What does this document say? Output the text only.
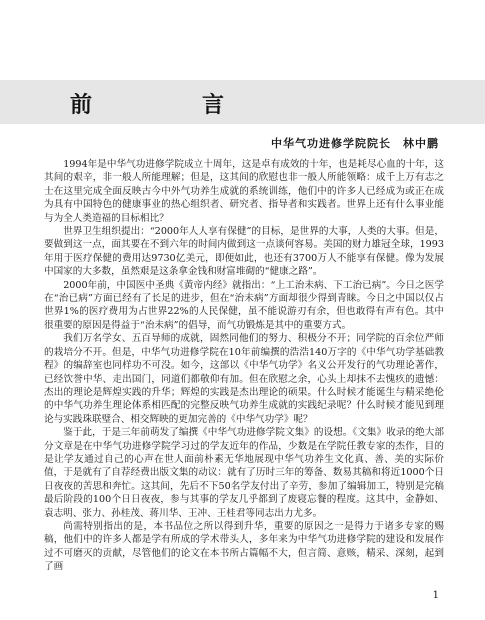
前　言
中华气功进修学院院长　林中鹏

1994年是中华气功进修学院成立十周年，这是卓有成效的十年，也是耗尽心血的十年，这其间的艰辛，非一般人所能理解；但是，这其间的欣慰也非一般人所能领略：成千上万有志之士在这里完成全面反映古今中外气功养生成就的系统训练，他们中的许多人已经成为或正在成为具有中国特色的健康事业的热心组织者、研究者、指导者和实践者。世界上还有什么事业能与为全人类造福的目标相比？

世界卫生组织提出：“2000年人人享有保健”的目标，是世界的大事，人类的大事。但是，要做到这一点，面其要在不到六年的时间内做到这一点谈何容易。美国的财力雄冠全球，1993年用于医疗保健的费用达9730亿美元，即便如此，也还有3700万人不能享有保健。像为发展中国家的大多数，虽然艰是这条拿金钱和财富堆砌的“健康之路”。

2000年前，中国医中圣典《黄帝内经》就指出：“上工治未病、下工治已病”。今日之医学在“治已病”方面已经有了长足的进步，但在“治未病”方面却很少得到青睐。今日之中国以仅占世界1%的医疗费用为占世界22%的人民保健，虽不能说游刃有余，但也敢得有声有色。其中很重要的原因是得益于“治未病”的倡导，而气功锻炼是其中的重要方式。

我们万名学女、五百导师的成就，固然同他们的努力、积极分不开；同学院的百余位严师的栽培分不开。但是，中华气功进修学院在10年前编撰的浩浩140万字的《中华气功学基础教程》的编辞室也同样功不可没。如今，这部以《中华气功学》名义公开发行的气功理论著作，已经饮誉中华、走出国门，同道们都敬仰有加。但在欣慰之余，心头上却抹不去愧疚的遗憾：杰出的理论是辉煌实践的升华；辉煌的实践是杰出理论的硕果。什么时候才能诞生与精采绝伦的中华气功养生理论体系相匹配的完整反映气功养生成就的实践纪录呢？什么时候才能见到理论与实践珠联璧合、相交辉映的更加完善的《中华气功学》呢？

鉴于此，于是三年前萌发了编撰《中华气功进修学院文集》的设想。《文集》收录的绝大部分文章是在中华气功进修学院学习过的学友近年的作品，少数是在学院任教专家的杰作，目的是让学友通过自己的心声在世人面前朴素无华地展现中华气功养生文化真、善、美的实际价值，于是就有了自荐经费出版文集的动议：就有了历时三年的筹备、数易其稿和将近1000个日日夜夜的苦思和奔忙。这其间，先后不下50名学友付出了辛劳，参加了编辑加工，特别是完稿最后阶段的100个日日夜夜，参与其事的学友几乎都到了废寝忘餐的程度。这其中，金静如、袁志明、张力、孙桂茂、蒋川华、王冲、王桂君等同志出力尤多。

尚需特别指出的是，本书品位之所以得到升华，重要的原因之一是得力于诸多专家的赐稿，他们中的许多人都是学有所成的学术带头人，多年来为中华气功进修学院的建设和发展作过不可磨灭的贡献，尽管他们的论文在本书所占篇幅不大，但言简、意赅，精采、深刻，起到了画

1
